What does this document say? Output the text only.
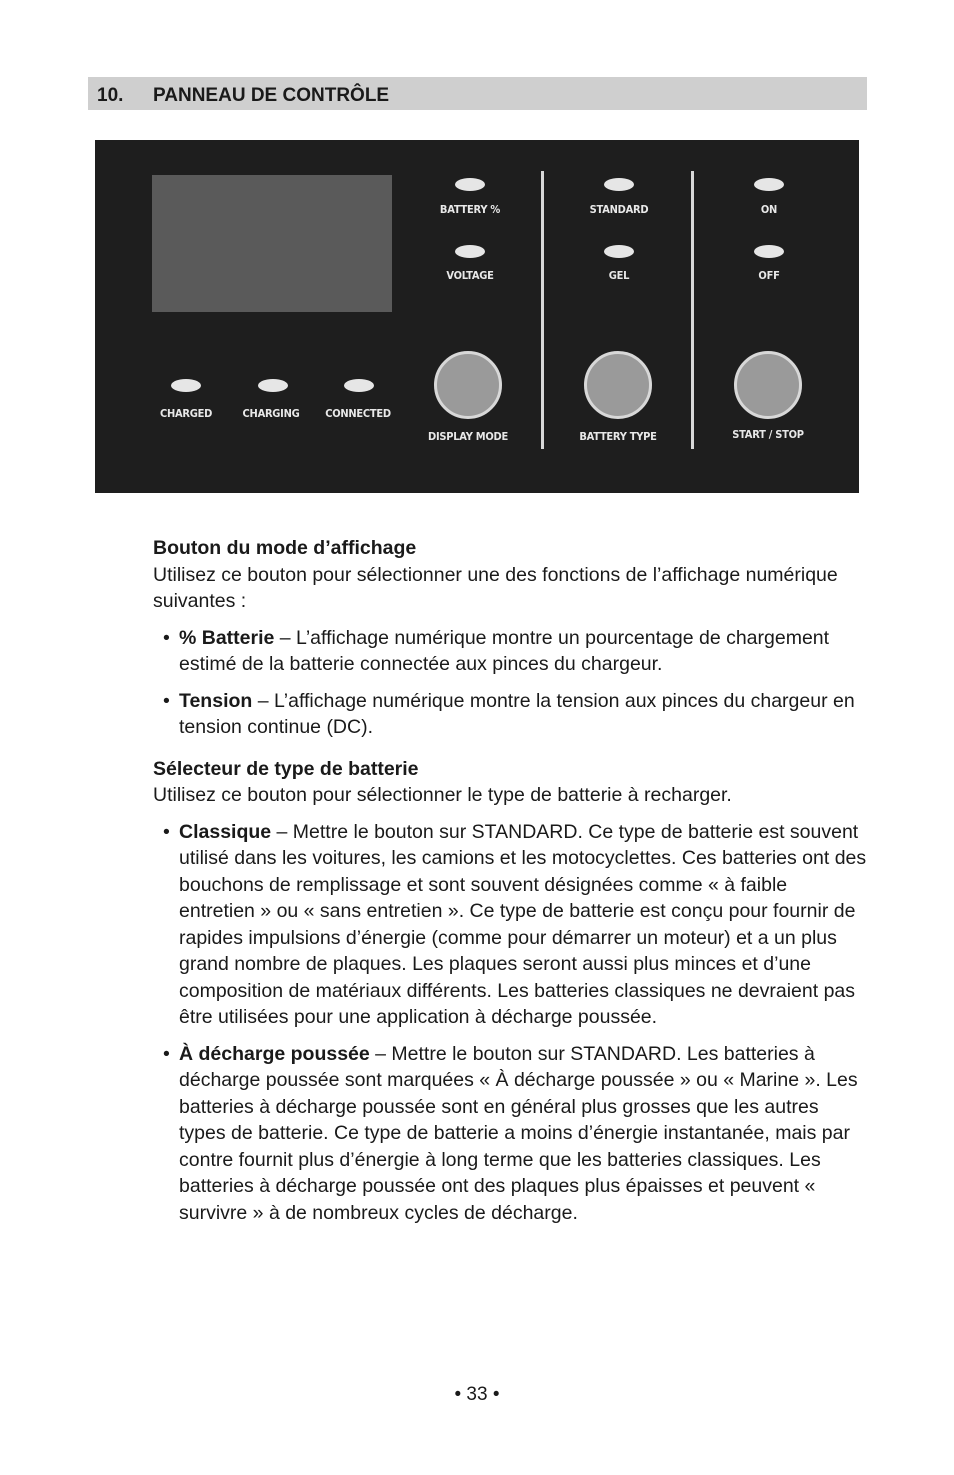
10. PANNEAU DE CONTRÔLE
BATTERY %
VOLTAGE
DISPLAY MODE
STANDARD
GEL
BATTERY TYPE
ON
OFF
START / STOP
CHARGED	CHARGING	CONNECTED

Bouton du mode d’affichage

Utilisez ce bouton pour sélectionner une des fonctions de l’affichage numérique suivantes :

• % Batterie – L’affichage numérique montre un pourcentage de chargement estimé de la batterie connectée aux pinces du chargeur.

• Tension – L’affichage numérique montre la tension aux pinces du chargeur en tension continue (DC).

Sélecteur de type de batterie

Utilisez ce bouton pour sélectionner le type de batterie à recharger.

• Classique – Mettre le bouton sur STANDARD. Ce type de batterie est souvent utilisé dans les voitures, les camions et les motocyclettes. Ces batteries ont des bouchons de remplissage et sont souvent désignées comme « à faible entretien » ou « sans entretien ». Ce type de batterie est conçu pour fournir de rapides impulsions d’énergie (comme pour démarrer un moteur) et a un plus grand nombre de plaques. Les plaques seront aussi plus minces et d’une composition de matériaux différents. Les batteries classiques ne devraient pas être utilisées pour une application à décharge poussée.

• À décharge poussée – Mettre le bouton sur STANDARD. Les batteries à décharge poussée sont marquées « À décharge poussée » ou « Marine ». Les batteries à décharge poussée sont en général plus grosses que les autres types de batterie. Ce type de batterie a moins d’énergie instantanée, mais par contre fournit plus d’énergie à long terme que les batteries classiques. Les batteries à décharge poussée ont des plaques plus épaisses et peuvent « survivre » à de nombreux cycles de décharge.

• 33 •
